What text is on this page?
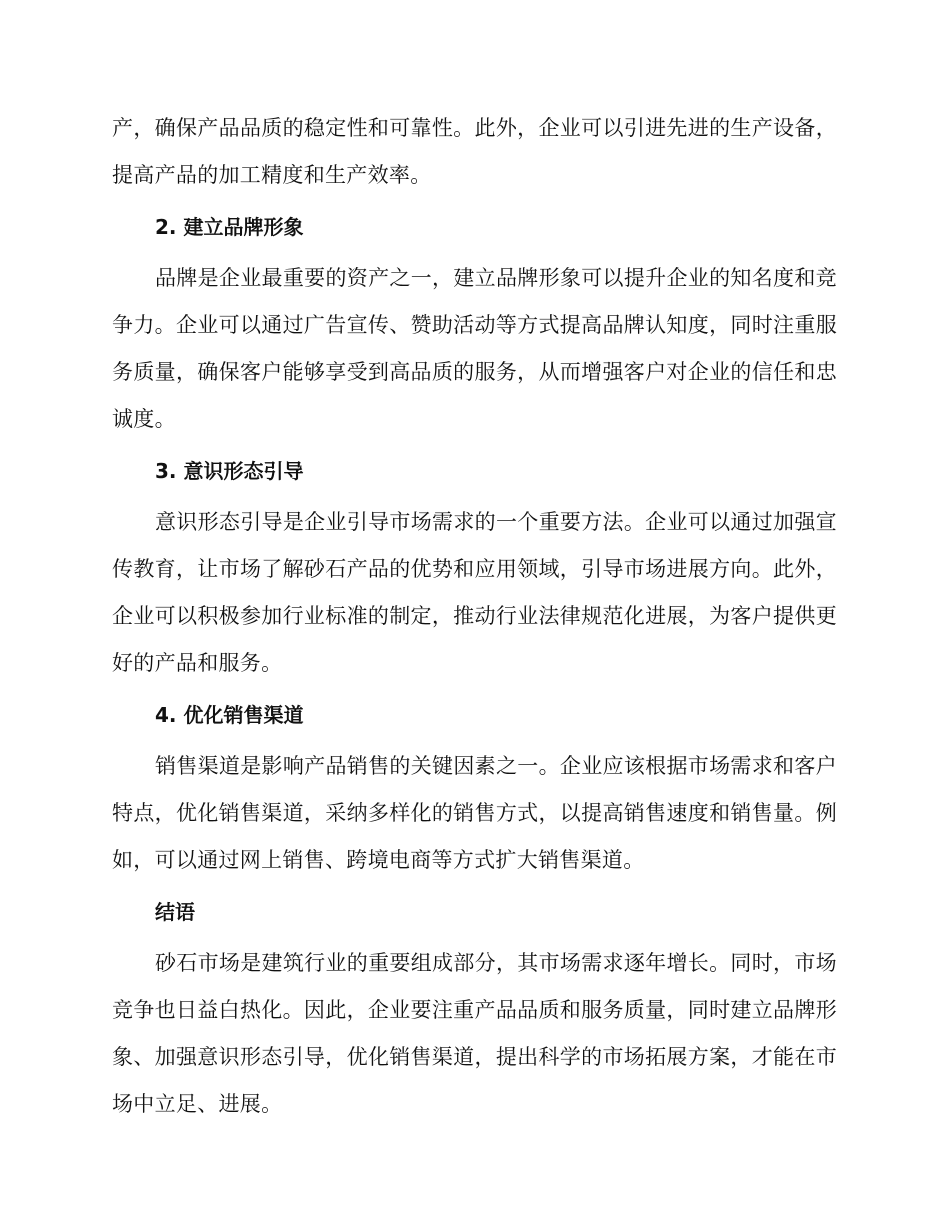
产，确保产品品质的稳定性和可靠性。此外，企业可以引进先进的生产设备，提高产品的加工精度和生产效率。

2. 建立品牌形象

品牌是企业最重要的资产之一，建立品牌形象可以提升企业的知名度和竞争力。企业可以通过广告宣传、赞助活动等方式提高品牌认知度，同时注重服务质量，确保客户能够享受到高品质的服务，从而增强客户对企业的信任和忠诚度。

3. 意识形态引导

意识形态引导是企业引导市场需求的一个重要方法。企业可以通过加强宣传教育，让市场了解砂石产品的优势和应用领域，引导市场进展方向。此外，企业可以积极参加行业标准的制定，推动行业法律规范化进展，为客户提供更好的产品和服务。

4. 优化销售渠道

销售渠道是影响产品销售的关键因素之一。企业应该根据市场需求和客户特点，优化销售渠道，采纳多样化的销售方式，以提高销售速度和销售量。例如，可以通过网上销售、跨境电商等方式扩大销售渠道。

结语

砂石市场是建筑行业的重要组成部分，其市场需求逐年增长。同时，市场竞争也日益白热化。因此，企业要注重产品品质和服务质量，同时建立品牌形象、加强意识形态引导，优化销售渠道，提出科学的市场拓展方案，才能在市场中立足、进展。
